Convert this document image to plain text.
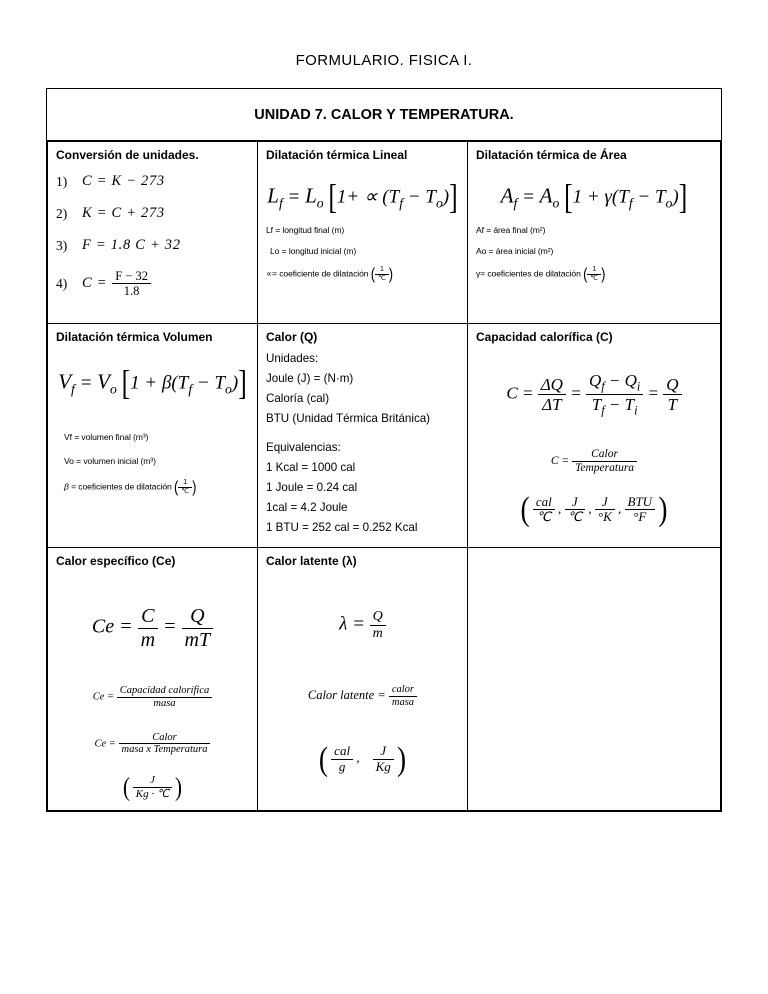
FORMULARIO. FISICA I.
UNIDAD 7. CALOR Y TEMPERATURA.
Conversión de unidades.
1)	C = K − 273
2)	K = C + 273
3)	F = 1.8 C + 32
4)	$C = \frac{F - 32}{1.8}$

Dilatación térmica Lineal
$L_f = L_o$ $[1+ \propto (T_f - T_o)]$
Lf = longitud final (m)
Lo = longitud inicial (m)
∝= coeficiente de dilatación ( $\frac{1}{℃}$ )

Dilatación térmica de Área
$A_f = A_o$ $[1 + \gamma(T_f - T_o)]$
Af = área final (m²)
Ao = área inicial (m²)
γ= coeficientes de dilatación ( $\frac{1}{℃}$ )

Dilatación térmica Volumen
$V_f = V_o$ $[1 + \beta(T_f - T_o)]$
Vf = volumen final (m³)
Vo = volumen inicial (m³)
β = coeficientes de dilatación ( $\frac{1}{℃}$ )

Calor (Q)
Unidades:
Joule (J) = (N·m)
Caloría (cal)
BTU (Unidad Térmica Británica)
Equivalencias:
1 Kcal = 1000 cal
1 Joule = 0.24 cal
1cal = 4.2 Joule
1 BTU = 252 cal = 0.252 Kcal

Capacidad calorífica (C)
$C = \frac{\Delta Q}{\Delta T} = \frac{Q_f - Q_i}{T_f - T_i} = \frac{Q}{T}$
$C = \frac{\text{Calor}}{\text{Temperatura}}$
( $\frac{\text{cal}}{℃}$ , $\frac{J}{℃}$ , $\frac{J}{^\circ K}$ , $\frac{\text{BTU}}{^\circ F}$ )

Calor específico (Ce)
$Ce = \frac{C}{m} = \frac{Q}{mT}$
$Ce = \frac{\text{Capacidad calorífica}}{\text{masa}}$
$Ce = \frac{\text{Calor}}{\text{masa x Temperatura}}$
( $\frac{J}{Kg \cdot ℃}$ )

Calor latente (λ)
$\lambda = \frac{Q}{m}$
Calor latente = $\frac{\text{calor}}{\text{masa}}$
( $\frac{\text{cal}}{g}$ , $\frac{J}{Kg}$ )
